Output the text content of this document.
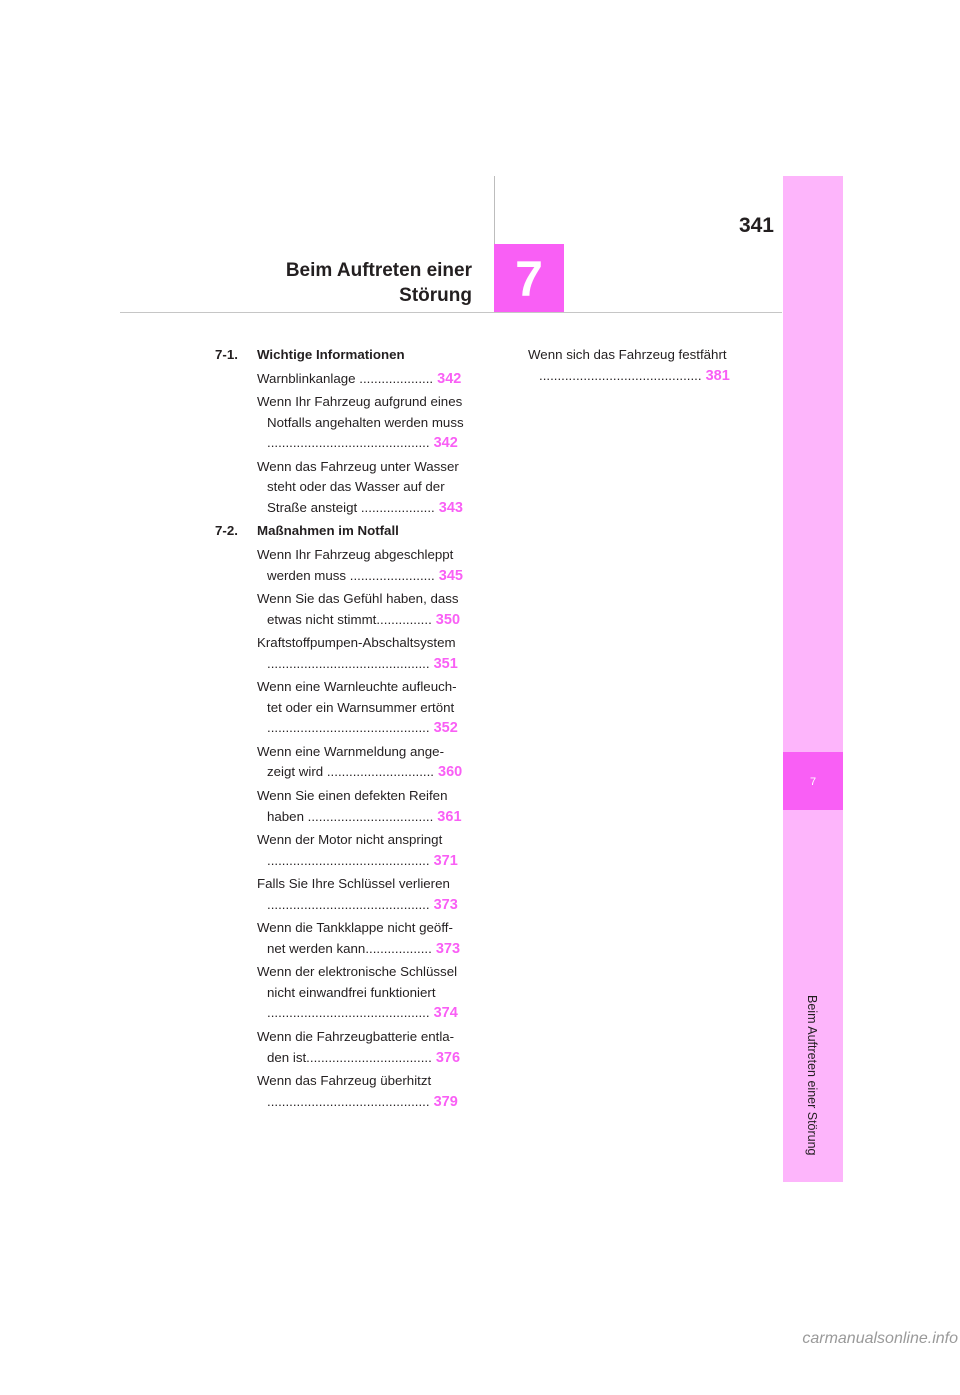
341
Beim Auftreten einer
Störung 7
7
Beim Auftreten einer Störung
7-1. Wichtige Informationen
Warnblinkanlage .................... 342
Wenn Ihr Fahrzeug aufgrund eines
Notfalls angehalten werden muss
............................................ 342
Wenn das Fahrzeug unter Wasser
steht oder das Wasser auf der
Straße ansteigt .................... 343
7-2. Maßnahmen im Notfall
Wenn Ihr Fahrzeug abgeschleppt
werden muss ....................... 345
Wenn Sie das Gefühl haben, dass
etwas nicht stimmt............... 350
Kraftstoffpumpen-Abschaltsystem
............................................ 351
Wenn eine Warnleuchte aufleuch-
tet oder ein Warnsummer ertönt
............................................ 352
Wenn eine Warnmeldung ange-
zeigt wird ............................. 360
Wenn Sie einen defekten Reifen
haben .................................. 361
Wenn der Motor nicht anspringt
............................................ 371
Falls Sie Ihre Schlüssel verlieren
............................................ 373
Wenn die Tankklappe nicht geöff-
net werden kann.................. 373
Wenn der elektronische Schlüssel
nicht einwandfrei funktioniert
............................................ 374
Wenn die Fahrzeugbatterie entla-
den ist.................................. 376
Wenn das Fahrzeug überhitzt
............................................ 379
Wenn sich das Fahrzeug festfährt
............................................ 381
carmanualsonline.info
